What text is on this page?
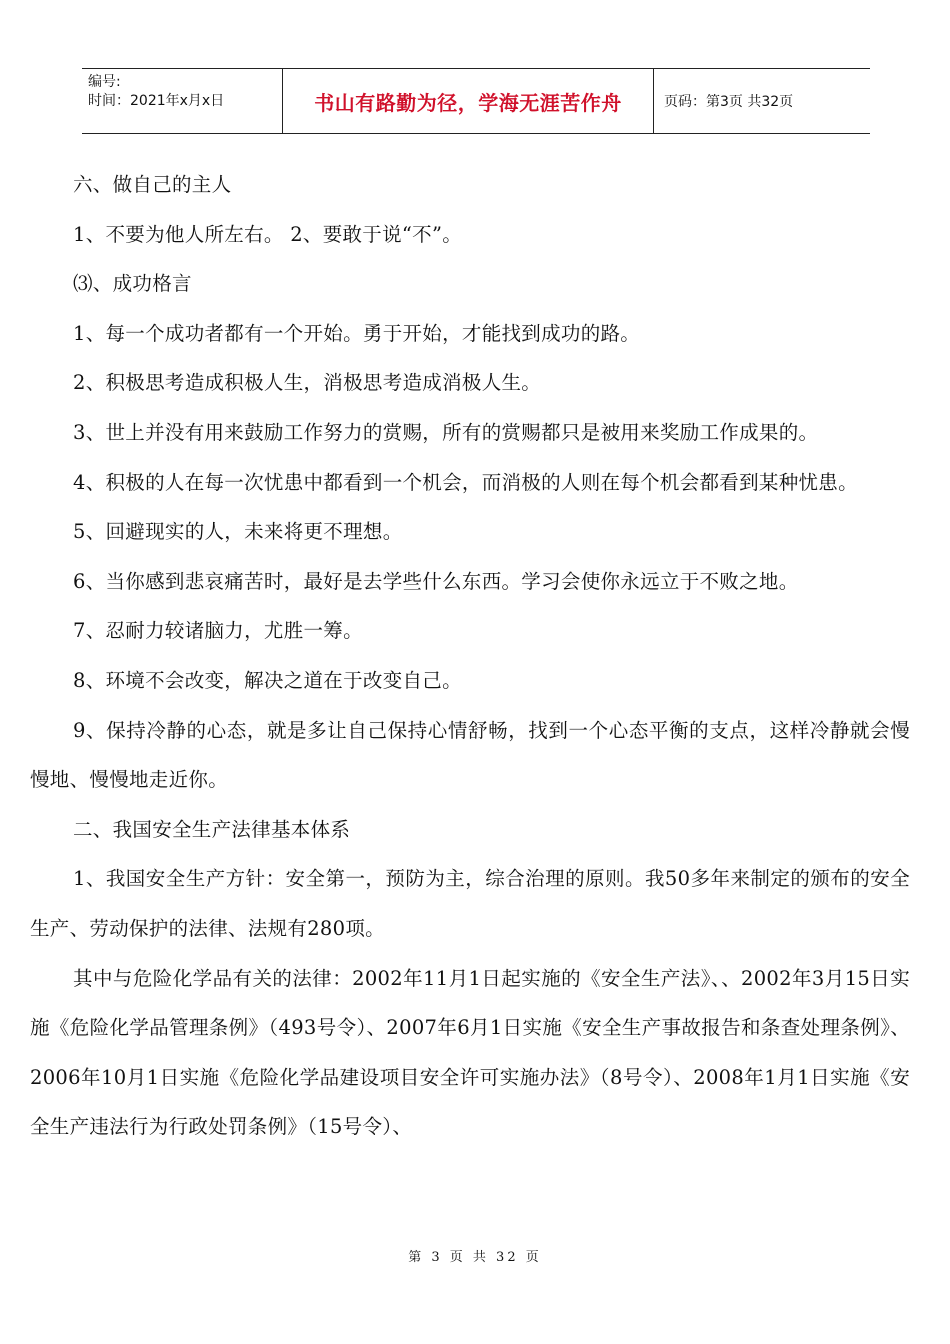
编号:
时间：2021年x月x日	书山有路勤为径，学海无涯苦作舟	页码：第3页 共32页

六、做自己的主人

1、不要为他人所左右。 2、要敢于说“不”。

⑶、成功格言

1、每一个成功者都有一个开始。勇于开始，才能找到成功的路。

2、积极思考造成积极人生，消极思考造成消极人生。

3、世上并没有用来鼓励工作努力的赏赐，所有的赏赐都只是被用来奖励工作成果的。

4、积极的人在每一次忧患中都看到一个机会，而消极的人则在每个机会都看到某种忧患。

5、回避现实的人，未来将更不理想。

6、当你感到悲哀痛苦时，最好是去学些什么东西。学习会使你永远立于不败之地。

7、忍耐力较诸脑力，尤胜一筹。

8、环境不会改变，解决之道在于改变自己。

9、保持冷静的心态，就是多让自己保持心情舒畅，找到一个心态平衡的支点，这样冷静就会慢慢地、慢慢地走近你。

二、我国安全生产法律基本体系

1、我国安全生产方针：安全第一，预防为主，综合治理的原则。我50多年来制定的颁布的安全生产、劳动保护的法律、法规有280项。

其中与危险化学品有关的法律：2002年11月1日起实施的《安全生产法》、、2002年3月15日实施《危险化学品管理条例》（493号令）、2007年6月1日实施《安全生产事故报告和条查处理条例》、2006年10月1日实施《危险化学品建设项目安全许可实施办法》（8号令）、2008年1月1日实施《安全生产违法行为行政处罚条例》（15号令）、

第 3 页 共 32 页
